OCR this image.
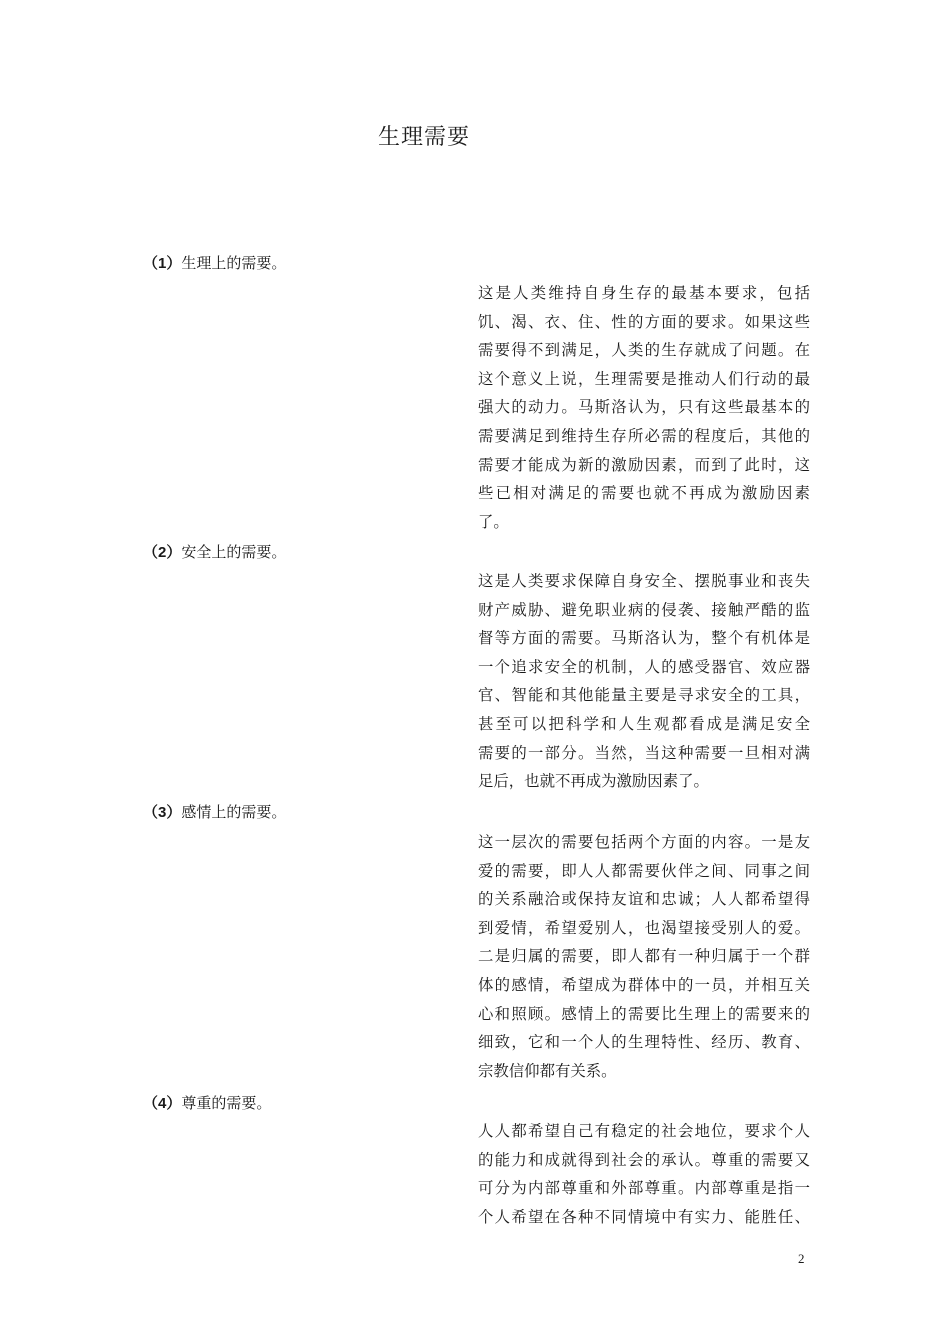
生理需要
（1）生理上的需要。
这是人类维持自身生存的最基本要求，包括
饥、渴、衣、住、性的方面的要求。如果这些
需要得不到满足，人类的生存就成了问题。在
这个意义上说，生理需要是推动人们行动的最
强大的动力。马斯洛认为，只有这些最基本的
需要满足到维持生存所必需的程度后，其他的
需要才能成为新的激励因素，而到了此时，这
些已相对满足的需要也就不再成为激励因素
了。
（2）安全上的需要。
这是人类要求保障自身安全、摆脱事业和丧失
财产威胁、避免职业病的侵袭、接触严酷的监
督等方面的需要。马斯洛认为，整个有机体是
一个追求安全的机制，人的感受器官、效应器
官、智能和其他能量主要是寻求安全的工具，
甚至可以把科学和人生观都看成是满足安全
需要的一部分。当然，当这种需要一旦相对满
足后，也就不再成为激励因素了。
（3）感情上的需要。
这一层次的需要包括两个方面的内容。一是友
爱的需要，即人人都需要伙伴之间、同事之间
的关系融洽或保持友谊和忠诚；人人都希望得
到爱情，希望爱别人，也渴望接受别人的爱。
二是归属的需要，即人都有一种归属于一个群
体的感情，希望成为群体中的一员，并相互关
心和照顾。感情上的需要比生理上的需要来的
细致，它和一个人的生理特性、经历、教育、
宗教信仰都有关系。
（4）尊重的需要。
人人都希望自己有稳定的社会地位，要求个人
的能力和成就得到社会的承认。尊重的需要又
可分为内部尊重和外部尊重。内部尊重是指一
个人希望在各种不同情境中有实力、能胜任、
2
